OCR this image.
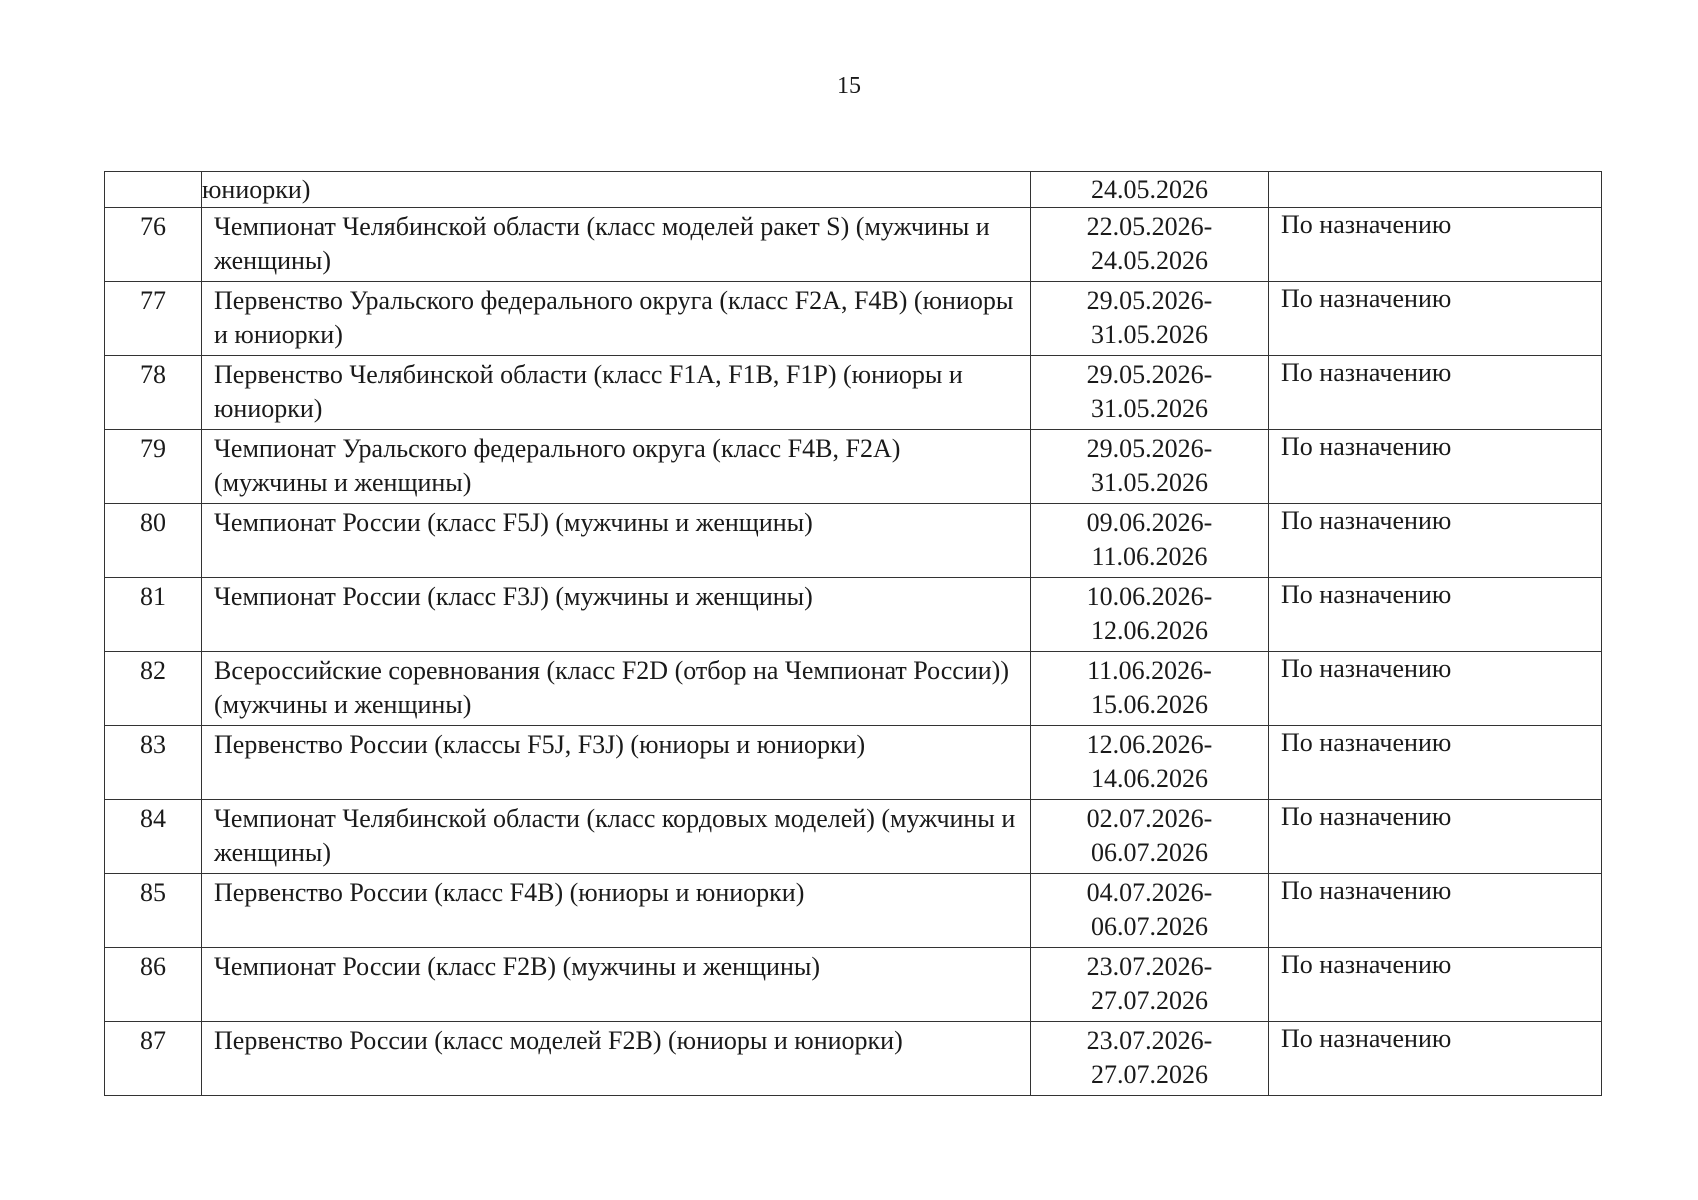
15

	юниорки)	24.05.2026	

76	Чемпионат Челябинской области (класс моделей ракет S) (мужчины и женщины)	22.05.2026- 24.05.2026	По назначению

77	Первенство Уральского федерального округа (класс F2A, F4B) (юниоры и юниорки)	29.05.2026- 31.05.2026	По назначению

78	Первенство Челябинской области (класс F1A, F1B, F1P) (юниоры и юниорки)	29.05.2026- 31.05.2026	По назначению

79	Чемпионат Уральского федерального округа (класс F4B, F2A) (мужчины и женщины)	29.05.2026- 31.05.2026	По назначению

80	Чемпионат России (класс F5J) (мужчины и женщины)	09.06.2026- 11.06.2026	По назначению

81	Чемпионат России (класс F3J) (мужчины и женщины)	10.06.2026- 12.06.2026	По назначению

82	Всероссийские соревнования (класс F2D (отбор на Чемпионат России)) (мужчины и женщины)	11.06.2026- 15.06.2026	По назначению

83	Первенство России (классы F5J, F3J) (юниоры и юниорки)	12.06.2026- 14.06.2026	По назначению

84	Чемпионат Челябинской области (класс кордовых моделей) (мужчины и женщины)	02.07.2026- 06.07.2026	По назначению

85	Первенство России (класс F4B) (юниоры и юниорки)	04.07.2026- 06.07.2026	По назначению

86	Чемпионат России (класс F2B) (мужчины и женщины)	23.07.2026- 27.07.2026	По назначению

87	Первенство России (класс моделей F2B) (юниоры и юниорки)	23.07.2026- 27.07.2026	По назначению
